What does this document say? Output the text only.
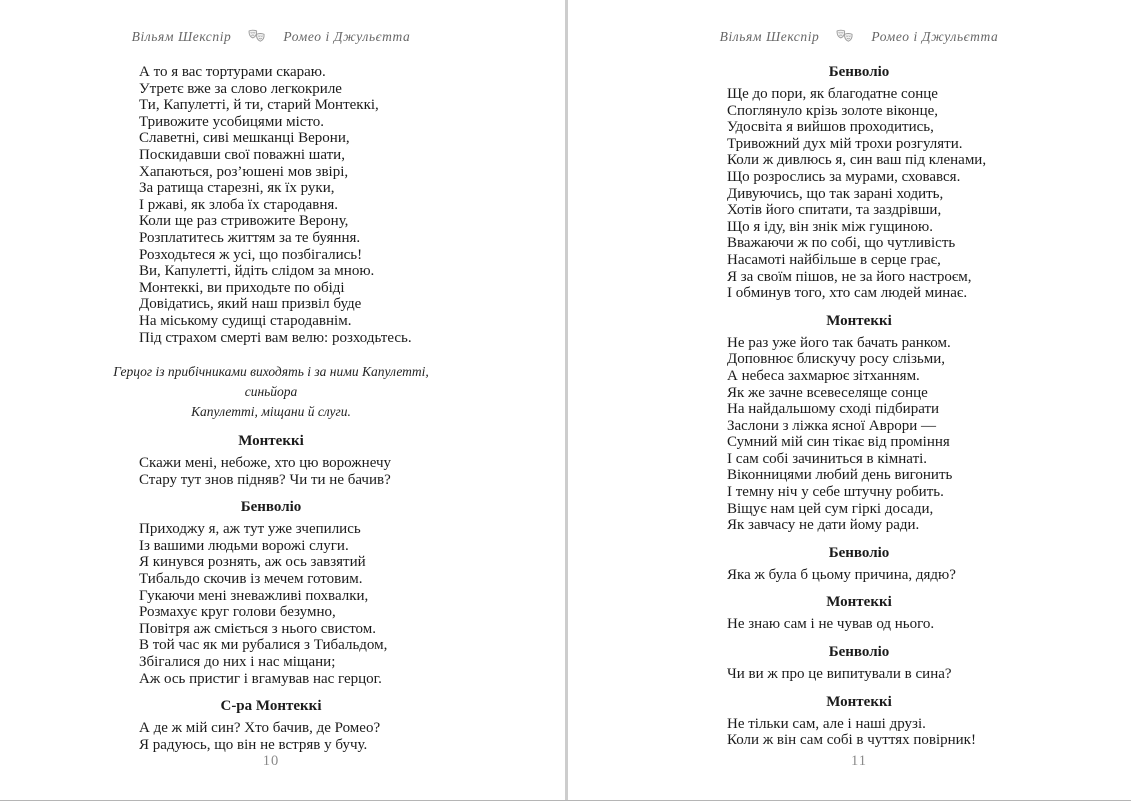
Вільям Шекспір	Ромео і Джульєтта
А то я вас тортурами скараю.
Утретє вже за слово легкокриле
Ти, Капулетті, й ти, старий Монтеккі,
Тривожите усобицями місто.
Славетні, сиві мешканці Верони,
Поскидавши свої поважні шати,
Хапаються, роз’юшені мов звірі,
За ратища старезні, як їх руки,
І ржаві, як злоба їх стародавня.
Коли ще раз стривожите Верону,
Розплатитесь життям за те буяння.
Розходьтеся ж усі, що позбігались!
Ви, Капулетті, йдіть слідом за мною.
Монтеккі, ви приходьте по обіді
Довідатись, який наш призвіл буде
На міському судищі стародавнім.
Під страхом смерті вам велю: розходьтесь.
Герцог із прибічниками виходять і за ними Капулетті, синьйора
Капулетті, міщани й слуги.
Монтеккі
Скажи мені, небоже, хто цю ворожнечу
Стару тут знов підняв? Чи ти не бачив?
Бенволіо
Приходжу я, аж тут уже зчепились
Із вашими людьми ворожі слуги.
Я кинувся рознять, аж ось завзятий
Тибальдо скочив із мечем готовим.
Гукаючи мені зневажливі похвалки,
Розмахує круг голови безумно,
Повітря аж сміється з нього свистом.
В той час як ми рубалися з Тибальдом,
Збігалися до них і нас міщани;
Аж ось пристиг і вгамував нас герцог.
С-ра Монтеккі
А де ж мій син? Хто бачив, де Ромео?
Я радуюсь, що він не встряв у бучу.
10
Вільям Шекспір	Ромео і Джульєтта
Бенволіо
Ще до пори, як благодатне сонце
Споглянуло крізь золоте віконце,
Удосвіта я вийшов проходитись,
Тривожний дух мій трохи розгуляти.
Коли ж дивлюсь я, син ваш під кленами,
Що розрослись за мурами, сховався.
Дивуючись, що так зарані ходить,
Хотів його спитати, та заздрівши,
Що я іду, він знік між гущиною.
Вважаючи ж по собі, що чутливість
Насамоті найбільше в серце грає,
Я за своїм пішов, не за його настроєм,
І обминув того, хто сам людей минає.
Монтеккі
Не раз уже його так бачать ранком.
Доповнює блискучу росу слізьми,
А небеса захмарює зітханням.
Як же зачне всевеселяще сонце
На найдальшому сході підбирати
Заслони з ліжка ясної Аврори —
Сумний мій син тікає від проміння
І сам собі зачиниться в кімнаті.
Віконницями любий день вигонить
І темну ніч у себе штучну робить.
Віщує нам цей сум гіркі досади,
Як завчасу не дати йому ради.
Бенволіо
Яка ж була б цьому причина, дядю?
Монтеккі
Не знаю сам і не чував од нього.
Бенволіо
Чи ви ж про це випитували в сина?
Монтеккі
Не тільки сам, але і наші друзі.
Коли ж він сам собі в чуттях повірник!
11
